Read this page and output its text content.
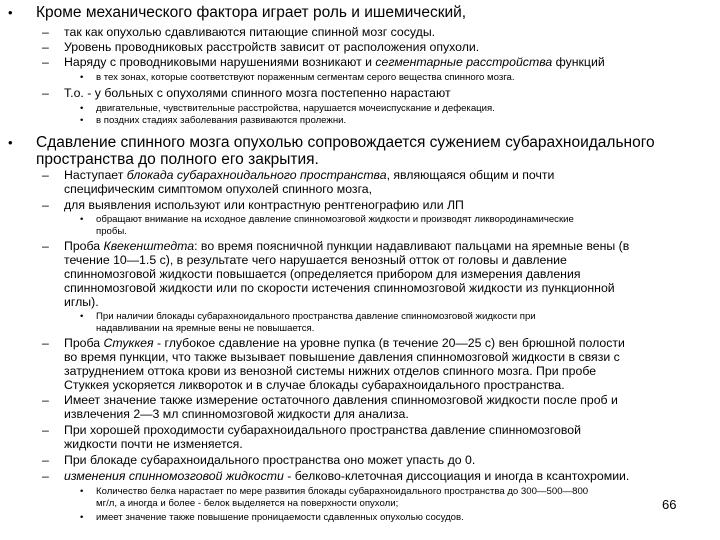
• Кроме механического фактора играет роль и ишемический,
– так как опухолью сдавливаются питающие спинной мозг сосуды.
– Уровень проводниковых расстройств зависит от расположения опухоли.
– Наряду с проводниковыми нарушениями возникают и сегментарные расстройства функций
• в тех зонах, которые соответствуют пораженным сегментам серого вещества спинного мозга.
– Т.о. - у больных с опухолями спинного мозга постепенно нарастают
• двигательные, чувствительные расстройства, нарушается мочеиспускание и дефекация.
• в поздних стадиях заболевания развиваются пролежни.
• Сдавление спинного мозга опухолью сопровождается сужением субарахноидального
пространства до полного его закрытия.
– Наступает блокада субарахноидального пространства, являющаяся общим и почти
специфическим симптомом опухолей спинного мозга,
– для выявления используют или контрастную рентгенографию или ЛП
• обращают внимание на исходное давление спинномозговой жидкости и производят ликвородинамические
пробы.
– Проба Квекенштедта: во время поясничной пункции надавливают пальцами на яремные вены (в
течение 10—1.5 с), в результате чего нарушается венозный отток от головы и давление
спинномозговой жидкости повышается (определяется прибором для измерения давления
спинномозговой жидкости или по скорости истечения спинномозговой жидкости из пункционной
иглы).
• При наличии блокады субарахноидального пространства давление спинномозговой жидкости при
надавливании на яремные вены не повышается.
– Проба Стуккея - глубокое сдавление на уровне пупка (в течение 20—25 с) вен брюшной полости
во время пункции, что также вызывает повышение давления спинномозговой жидкости в связи с
затруднением оттока крови из венозной системы нижних отделов спинного мозга. При пробе
Стуккея ускоряется ликвороток и в случае блокады субарахноидального пространства.
– Имеет значение также измерение остаточного давления спинномозговой жидкости после проб и
извлечения 2—3 мл спинномозговой жидкости для анализа.
– При хорошей проходимости субарахноидального пространства давление спинномозговой
жидкости почти не изменяется.
– При блокаде субарахноидального пространства оно может упасть до 0.
– изменения спинномозговой жидкости - белково-клеточная диссоциация и иногда в ксантохромии.
• Количество белка нарастает по мере развития блокады субарахноидального пространства до 300—500—800
мг/л, а иногда и более - белок выделяется на поверхности опухоли;
• имеет значение также повышение проницаемости сдавленных опухолью сосудов.
66
